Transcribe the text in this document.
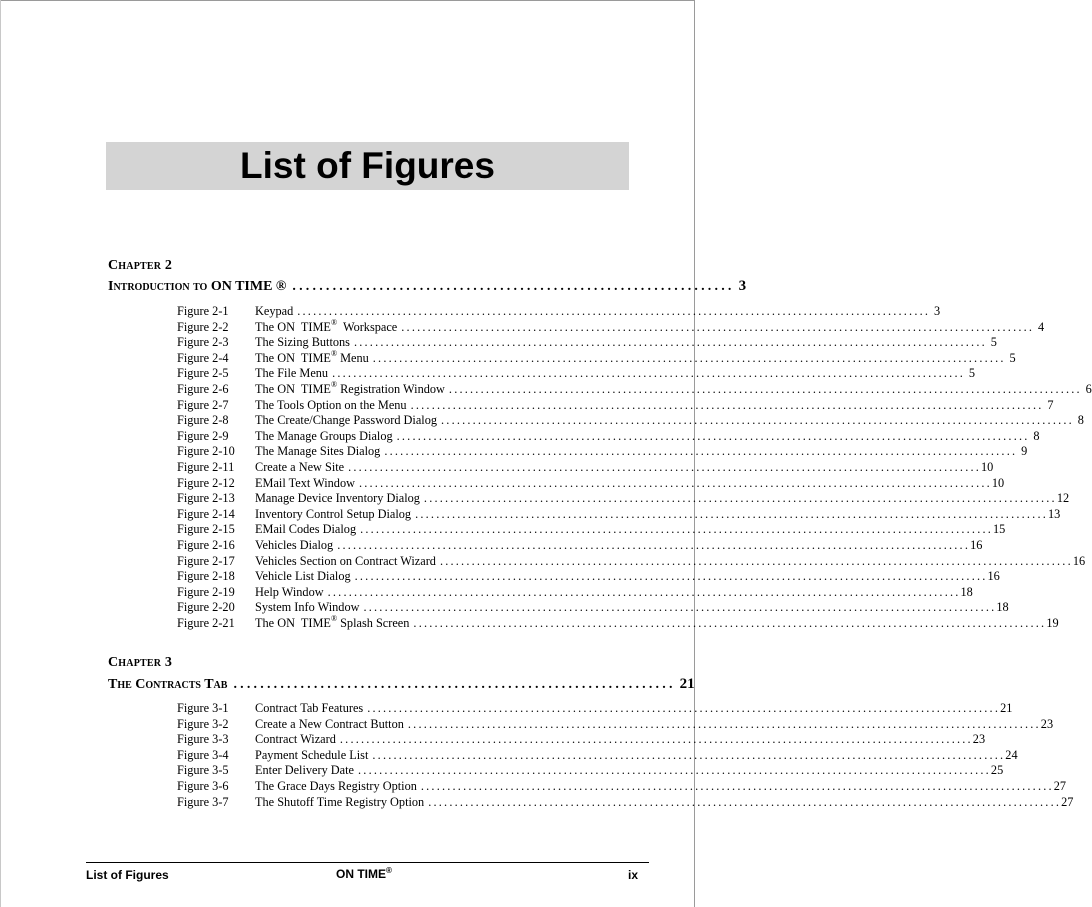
List of Figures
Chapter 2
Introduction to ON TIME ® .................................................................. 3
Figure 2-1	Keypad ........................................................................................................................ 3
Figure 2-2	The ON  TIME®  Workspace ........................................................................................................................ 4
Figure 2-3	The Sizing Buttons ........................................................................................................................ 5
Figure 2-4	The ON  TIME® Menu ........................................................................................................................ 5
Figure 2-5	The File Menu ........................................................................................................................ 5
Figure 2-6	The ON  TIME® Registration Window ........................................................................................................................ 6
Figure 2-7	The Tools Option on the Menu ........................................................................................................................ 7
Figure 2-8	The Create/Change Password Dialog ........................................................................................................................ 8
Figure 2-9	The Manage Groups Dialog ........................................................................................................................ 8
Figure 2-10	The Manage Sites Dialog ........................................................................................................................ 9
Figure 2-11	Create a New Site ........................................................................................................................ 10
Figure 2-12	EMail Text Window ........................................................................................................................ 10
Figure 2-13	Manage Device Inventory Dialog ........................................................................................................................ 12
Figure 2-14	Inventory Control Setup Dialog ........................................................................................................................ 13
Figure 2-15	EMail Codes Dialog ........................................................................................................................ 15
Figure 2-16	Vehicles Dialog ........................................................................................................................ 16
Figure 2-17	Vehicles Section on Contract Wizard ........................................................................................................................ 16
Figure 2-18	Vehicle List Dialog ........................................................................................................................ 16
Figure 2-19	Help Window ........................................................................................................................ 18
Figure 2-20	System Info Window ........................................................................................................................ 18
Figure 2-21	The ON  TIME® Splash Screen ........................................................................................................................ 19
Chapter 3
The Contracts Tab .................................................................. 21
Figure 3-1	Contract Tab Features ........................................................................................................................ 21
Figure 3-2	Create a New Contract Button ........................................................................................................................ 23
Figure 3-3	Contract Wizard ........................................................................................................................ 23
Figure 3-4	Payment Schedule List ........................................................................................................................ 24
Figure 3-5	Enter Delivery Date ........................................................................................................................ 25
Figure 3-6	The Grace Days Registry Option ........................................................................................................................ 27
Figure 3-7	The Shutoff Time Registry Option ........................................................................................................................ 27
List of Figures	ON TIME®	ix
